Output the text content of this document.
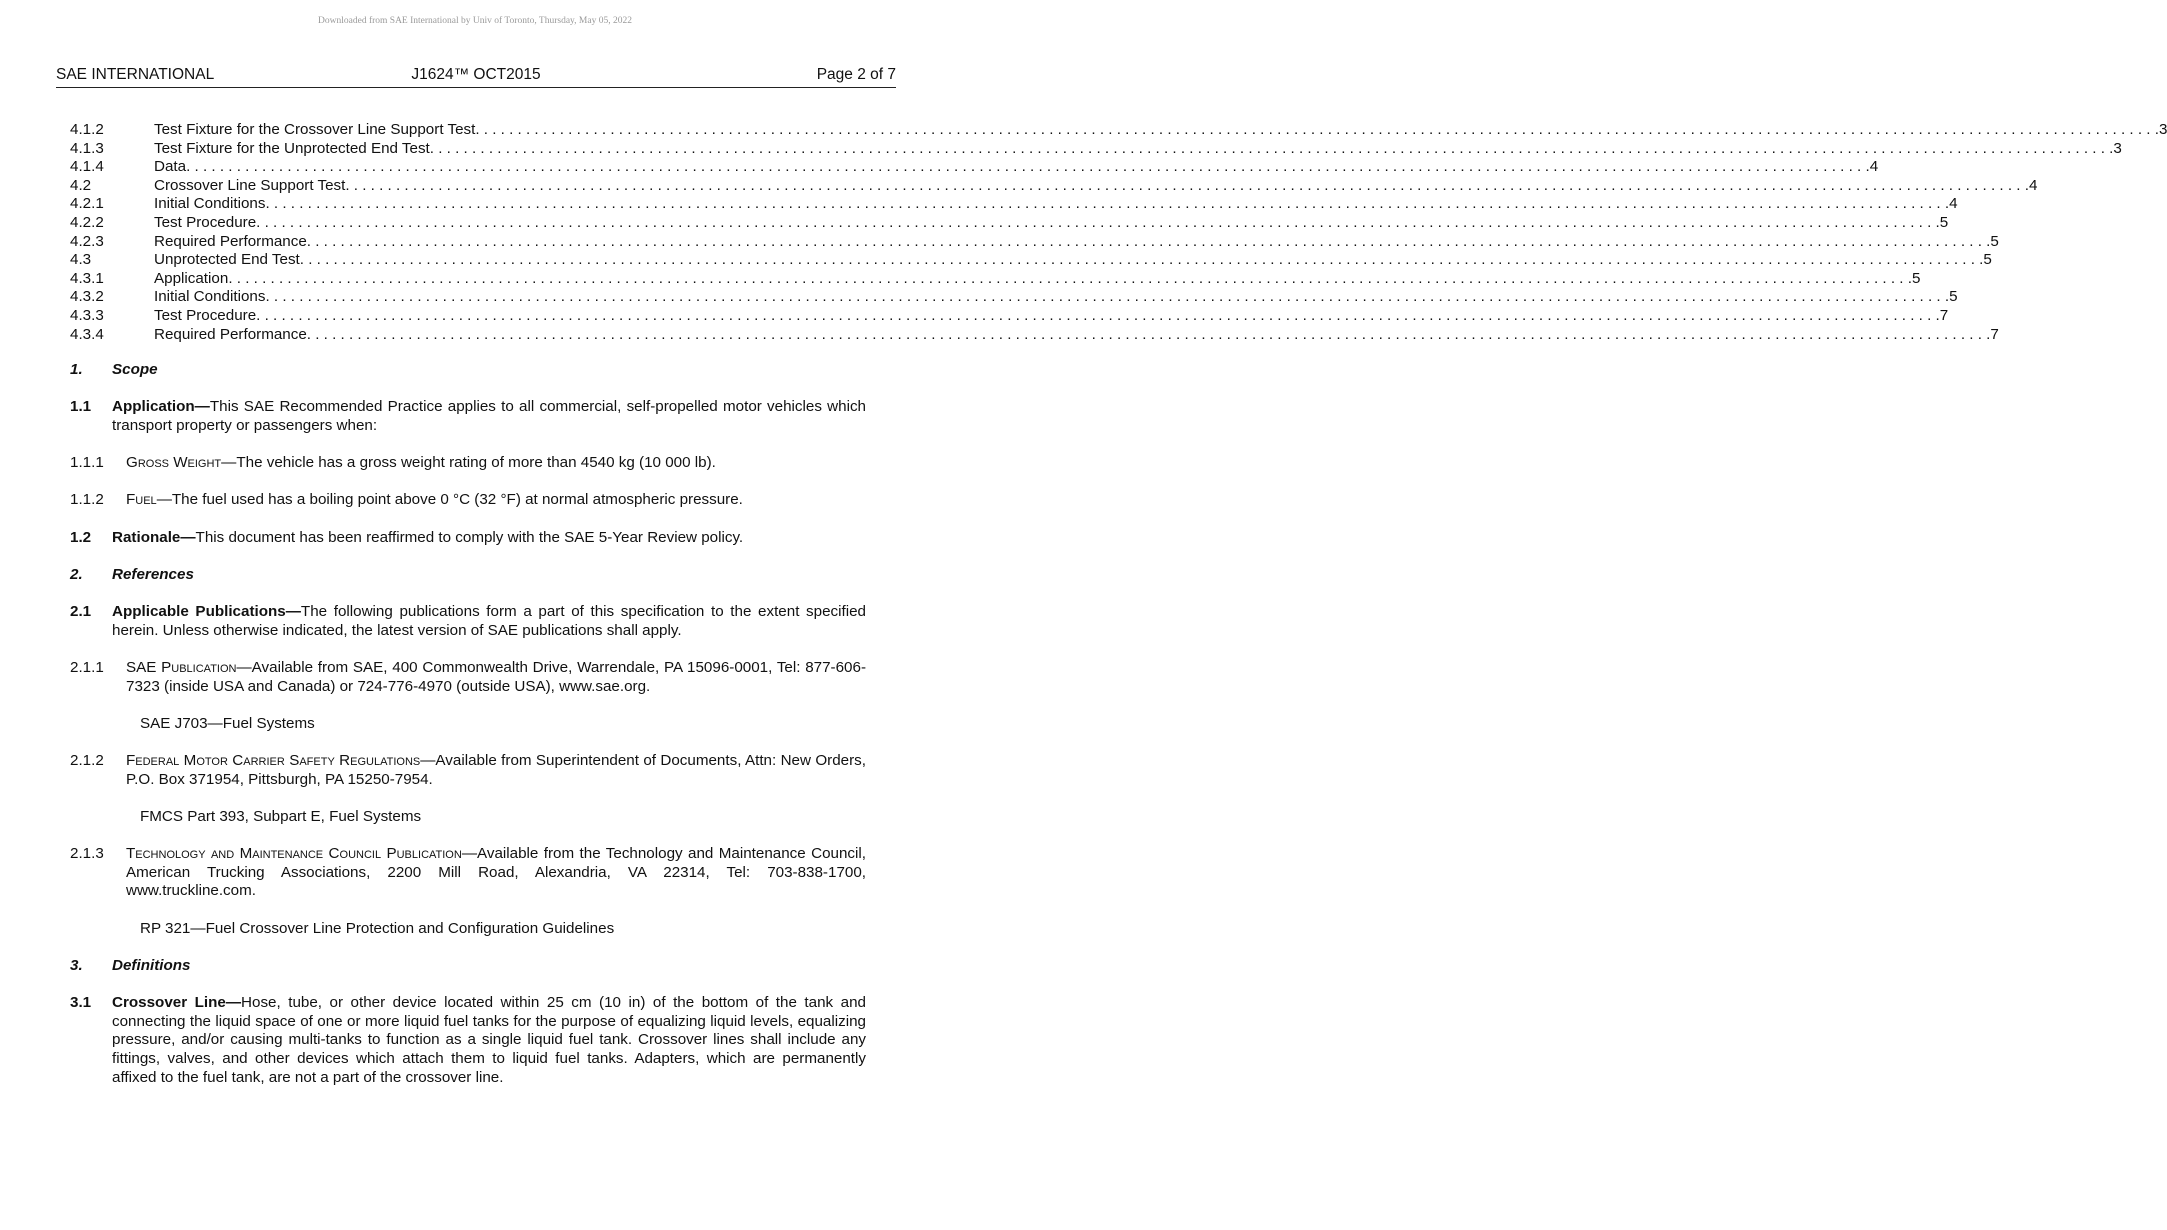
Downloaded from SAE International by Univ of Toronto, Thursday, May 05, 2022
SAE INTERNATIONAL	J1624™ OCT2015	Page 2 of 7
4.1.2	Test Fixture for the Crossover Line Support Test . . . . . . . . . . . . . . . . . . . . . . . . . . . . . . . . . . . . . . . . . . . . . . . . . . . . . . . . . . . . . . . . . . . . . . . . . . . . . . . . . . . . . . . . . . . . . . . . . . . . . . . . . . . . . . . . . . . . . . . . . . . . . . . . . . . . . . . . . . . . . . . . . . . . . . . . . . . . . . . . . . . . . . . . . . . . . . . . . . . . . . . . . . . . . . . . . . . . . . . . 3
4.1.3	Test Fixture for the Unprotected End Test . . . . . . . . . . . . . . . . . . . . . . . . . . . . . . . . . . . . . . . . . . . . . . . . . . . . . . . . . . . . . . . . . . . . . . . . . . . . . . . . . . . . . . . . . . . . . . . . . . . . . . . . . . . . . . . . . . . . . . . . . . . . . . . . . . . . . . . . . . . . . . . . . . . . . . . . . . . . . . . . . . . . . . . . . . . . . . . . . . . . . . . . . . . . . . . . . . . . . . . . 3
4.1.4	Data . . . . . . . . . . . . . . . . . . . . . . . . . . . . . . . . . . . . . . . . . . . . . . . . . . . . . . . . . . . . . . . . . . . . . . . . . . . . . . . . . . . . . . . . . . . . . . . . . . . . . . . . . . . . . . . . . . . . . . . . . . . . . . . . . . . . . . . . . . . . . . . . . . . . . . . . . . . . . . . . . . . . . . . . . . . . . . . . . . . . . . . . . . . . . . . . . . . . . . . . 4
4.2	Crossover Line Support Test . . . . . . . . . . . . . . . . . . . . . . . . . . . . . . . . . . . . . . . . . . . . . . . . . . . . . . . . . . . . . . . . . . . . . . . . . . . . . . . . . . . . . . . . . . . . . . . . . . . . . . . . . . . . . . . . . . . . . . . . . . . . . . . . . . . . . . . . . . . . . . . . . . . . . . . . . . . . . . . . . . . . . . . . . . . . . . . . . . . . . . . . . . . . . . . . . . . . . . . . 4
4.2.1	Initial Conditions . . . . . . . . . . . . . . . . . . . . . . . . . . . . . . . . . . . . . . . . . . . . . . . . . . . . . . . . . . . . . . . . . . . . . . . . . . . . . . . . . . . . . . . . . . . . . . . . . . . . . . . . . . . . . . . . . . . . . . . . . . . . . . . . . . . . . . . . . . . . . . . . . . . . . . . . . . . . . . . . . . . . . . . . . . . . . . . . . . . . . . . . . . . . . . . . . . . . . . . . 4
4.2.2	Test Procedure . . . . . . . . . . . . . . . . . . . . . . . . . . . . . . . . . . . . . . . . . . . . . . . . . . . . . . . . . . . . . . . . . . . . . . . . . . . . . . . . . . . . . . . . . . . . . . . . . . . . . . . . . . . . . . . . . . . . . . . . . . . . . . . . . . . . . . . . . . . . . . . . . . . . . . . . . . . . . . . . . . . . . . . . . . . . . . . . . . . . . . . . . . . . . . . . . . . . . . . . 5
4.2.3	Required Performance . . . . . . . . . . . . . . . . . . . . . . . . . . . . . . . . . . . . . . . . . . . . . . . . . . . . . . . . . . . . . . . . . . . . . . . . . . . . . . . . . . . . . . . . . . . . . . . . . . . . . . . . . . . . . . . . . . . . . . . . . . . . . . . . . . . . . . . . . . . . . . . . . . . . . . . . . . . . . . . . . . . . . . . . . . . . . . . . . . . . . . . . . . . . . . . . . . . . . . . . 5
4.3	Unprotected End Test . . . . . . . . . . . . . . . . . . . . . . . . . . . . . . . . . . . . . . . . . . . . . . . . . . . . . . . . . . . . . . . . . . . . . . . . . . . . . . . . . . . . . . . . . . . . . . . . . . . . . . . . . . . . . . . . . . . . . . . . . . . . . . . . . . . . . . . . . . . . . . . . . . . . . . . . . . . . . . . . . . . . . . . . . . . . . . . . . . . . . . . . . . . . . . . . . . . . . . . . 5
4.3.1	Application . . . . . . . . . . . . . . . . . . . . . . . . . . . . . . . . . . . . . . . . . . . . . . . . . . . . . . . . . . . . . . . . . . . . . . . . . . . . . . . . . . . . . . . . . . . . . . . . . . . . . . . . . . . . . . . . . . . . . . . . . . . . . . . . . . . . . . . . . . . . . . . . . . . . . . . . . . . . . . . . . . . . . . . . . . . . . . . . . . . . . . . . . . . . . . . . . . . . . . . . 5
4.3.2	Initial Conditions . . . . . . . . . . . . . . . . . . . . . . . . . . . . . . . . . . . . . . . . . . . . . . . . . . . . . . . . . . . . . . . . . . . . . . . . . . . . . . . . . . . . . . . . . . . . . . . . . . . . . . . . . . . . . . . . . . . . . . . . . . . . . . . . . . . . . . . . . . . . . . . . . . . . . . . . . . . . . . . . . . . . . . . . . . . . . . . . . . . . . . . . . . . . . . . . . . . . . . . . 5
4.3.3	Test Procedure . . . . . . . . . . . . . . . . . . . . . . . . . . . . . . . . . . . . . . . . . . . . . . . . . . . . . . . . . . . . . . . . . . . . . . . . . . . . . . . . . . . . . . . . . . . . . . . . . . . . . . . . . . . . . . . . . . . . . . . . . . . . . . . . . . . . . . . . . . . . . . . . . . . . . . . . . . . . . . . . . . . . . . . . . . . . . . . . . . . . . . . . . . . . . . . . . . . . . . . . 7
4.3.4	Required Performance . . . . . . . . . . . . . . . . . . . . . . . . . . . . . . . . . . . . . . . . . . . . . . . . . . . . . . . . . . . . . . . . . . . . . . . . . . . . . . . . . . . . . . . . . . . . . . . . . . . . . . . . . . . . . . . . . . . . . . . . . . . . . . . . . . . . . . . . . . . . . . . . . . . . . . . . . . . . . . . . . . . . . . . . . . . . . . . . . . . . . . . . . . . . . . . . . . . . . . . . 7
1. Scope
1.1 Application—This SAE Recommended Practice applies to all commercial, self-propelled motor vehicles which transport property or passengers when:
1.1.1 Gross Weight—The vehicle has a gross weight rating of more than 4540 kg (10 000 lb).
1.1.2 Fuel—The fuel used has a boiling point above 0 °C (32 °F) at normal atmospheric pressure.
1.2 Rationale—This document has been reaffirmed to comply with the SAE 5-Year Review policy.
2. References
2.1 Applicable Publications—The following publications form a part of this specification to the extent specified herein. Unless otherwise indicated, the latest version of SAE publications shall apply.
2.1.1 SAE Publication—Available from SAE, 400 Commonwealth Drive, Warrendale, PA 15096-0001, Tel: 877-606-7323 (inside USA and Canada) or 724-776-4970 (outside USA), www.sae.org.
SAE J703—Fuel Systems
2.1.2 Federal Motor Carrier Safety Regulations—Available from Superintendent of Documents, Attn: New Orders, P.O. Box 371954, Pittsburgh, PA 15250-7954.
FMCS Part 393, Subpart E, Fuel Systems
2.1.3 Technology and Maintenance Council Publication—Available from the Technology and Maintenance Council, American Trucking Associations, 2200 Mill Road, Alexandria, VA 22314, Tel: 703-838-1700, www.truckline.com.
RP 321—Fuel Crossover Line Protection and Configuration Guidelines
3. Definitions
3.1 Crossover Line—Hose, tube, or other device located within 25 cm (10 in) of the bottom of the tank and connecting the liquid space of one or more liquid fuel tanks for the purpose of equalizing liquid levels, equalizing pressure, and/or causing multi-tanks to function as a single liquid fuel tank. Crossover lines shall include any fittings, valves, and other devices which attach them to liquid fuel tanks. Adapters, which are permanently affixed to the fuel tank, are not a part of the crossover line.
